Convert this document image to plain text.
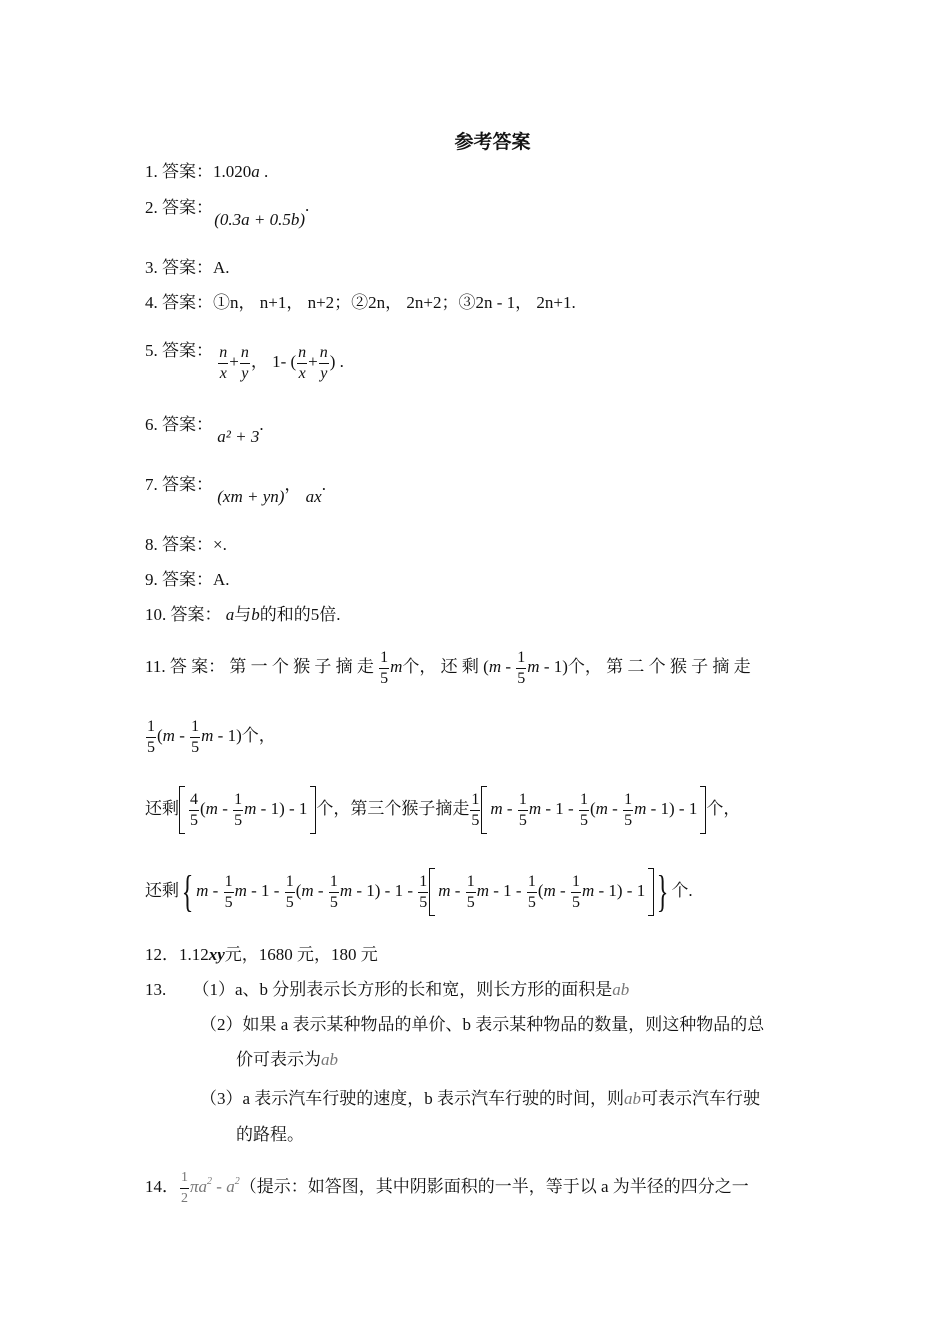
参考答案
1. 答案：1.020a .
2. 答案： (0.3a + 0.5b).
3. 答案：A.
4. 答案：①n， n+1， n+2；②2n， 2n+2；③2n - 1， 2n+1.
5. 答案： $\frac{n}{x} + \frac{n}{y}$ ， 1- ( $\frac{n}{x} + \frac{n}{y}$ ) .
6. 答案： a² + 3.
7. 答案： (xm + yn)， ax.
8. 答案：×.
9. 答案：A.
10. 答案： a与b的和的5倍.
11. 答 案： 第 一 个 猴 子 摘 走 $\frac{1}{5}$ m个， 还 剩 ($m - \frac{1}{5}$ m - 1)个， 第 二 个 猴 子 摘 走
$\frac{1}{5} (m - \frac{1}{5}$ m - 1)个，
还剩 $\frac{4}{5} (m - \frac{1}{5}$ m - 1) - 1 个，第三个猴子摘走 $\frac{1}{5}$ m - $\frac{1}{5}$ m - $1 - \frac{1}{5} (m - \frac{1}{5}$ m - 1) - 1 个，
还剩{ m - $\frac{1}{5}$ m - $1 - \frac{1}{5} (m - \frac{1}{5}$ m - $1) - 1 - \frac{1}{5}$ m - $\frac{1}{5}$ m - $1 - \frac{1}{5} (m - \frac{1}{5}$ m - 1) - 1 } 个.
12．1.12xy元，1680 元，180 元
13. （1）a、b 分别表示长方形的长和宽，则长方形的面积是ab
（2）如果 a 表示某种物品的单价、b 表示某种物品的数量，则这种物品的总
价可表示为ab
（3）a 表示汽车行驶的速度，b 表示汽车行驶的时间，则ab可表示汽车行驶
的路程。
14． $\frac{1}{2} \pi a^2 - a^2$（提示：如答图，其中阴影面积的一半，等于以 a 为半径的四分之一
